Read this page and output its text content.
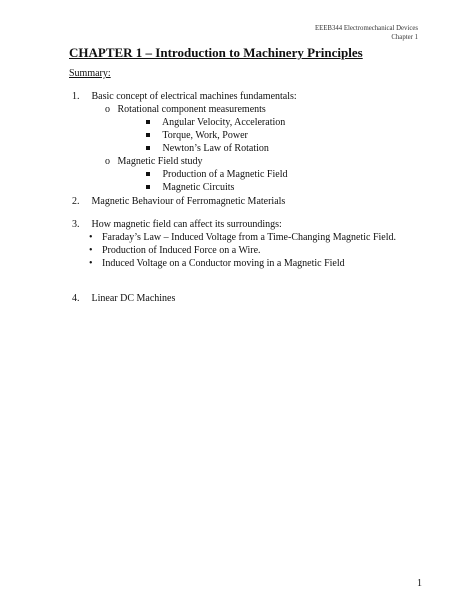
EEEB344 Electromechanical Devices
Chapter 1
CHAPTER 1 – Introduction to Machinery Principles
Summary:
1. Basic concept of electrical machines fundamentals:
o Rotational component measurements
Angular Velocity, Acceleration
Torque, Work, Power
Newton’s Law of Rotation
o Magnetic Field study
Production of a Magnetic Field
Magnetic Circuits
2. Magnetic Behaviour of Ferromagnetic Materials
3. How magnetic field can affect its surroundings:
• Faraday’s Law – Induced Voltage from a Time-Changing Magnetic Field.
• Production of Induced Force on a Wire.
• Induced Voltage on a Conductor moving in a Magnetic Field
4. Linear DC Machines
1
